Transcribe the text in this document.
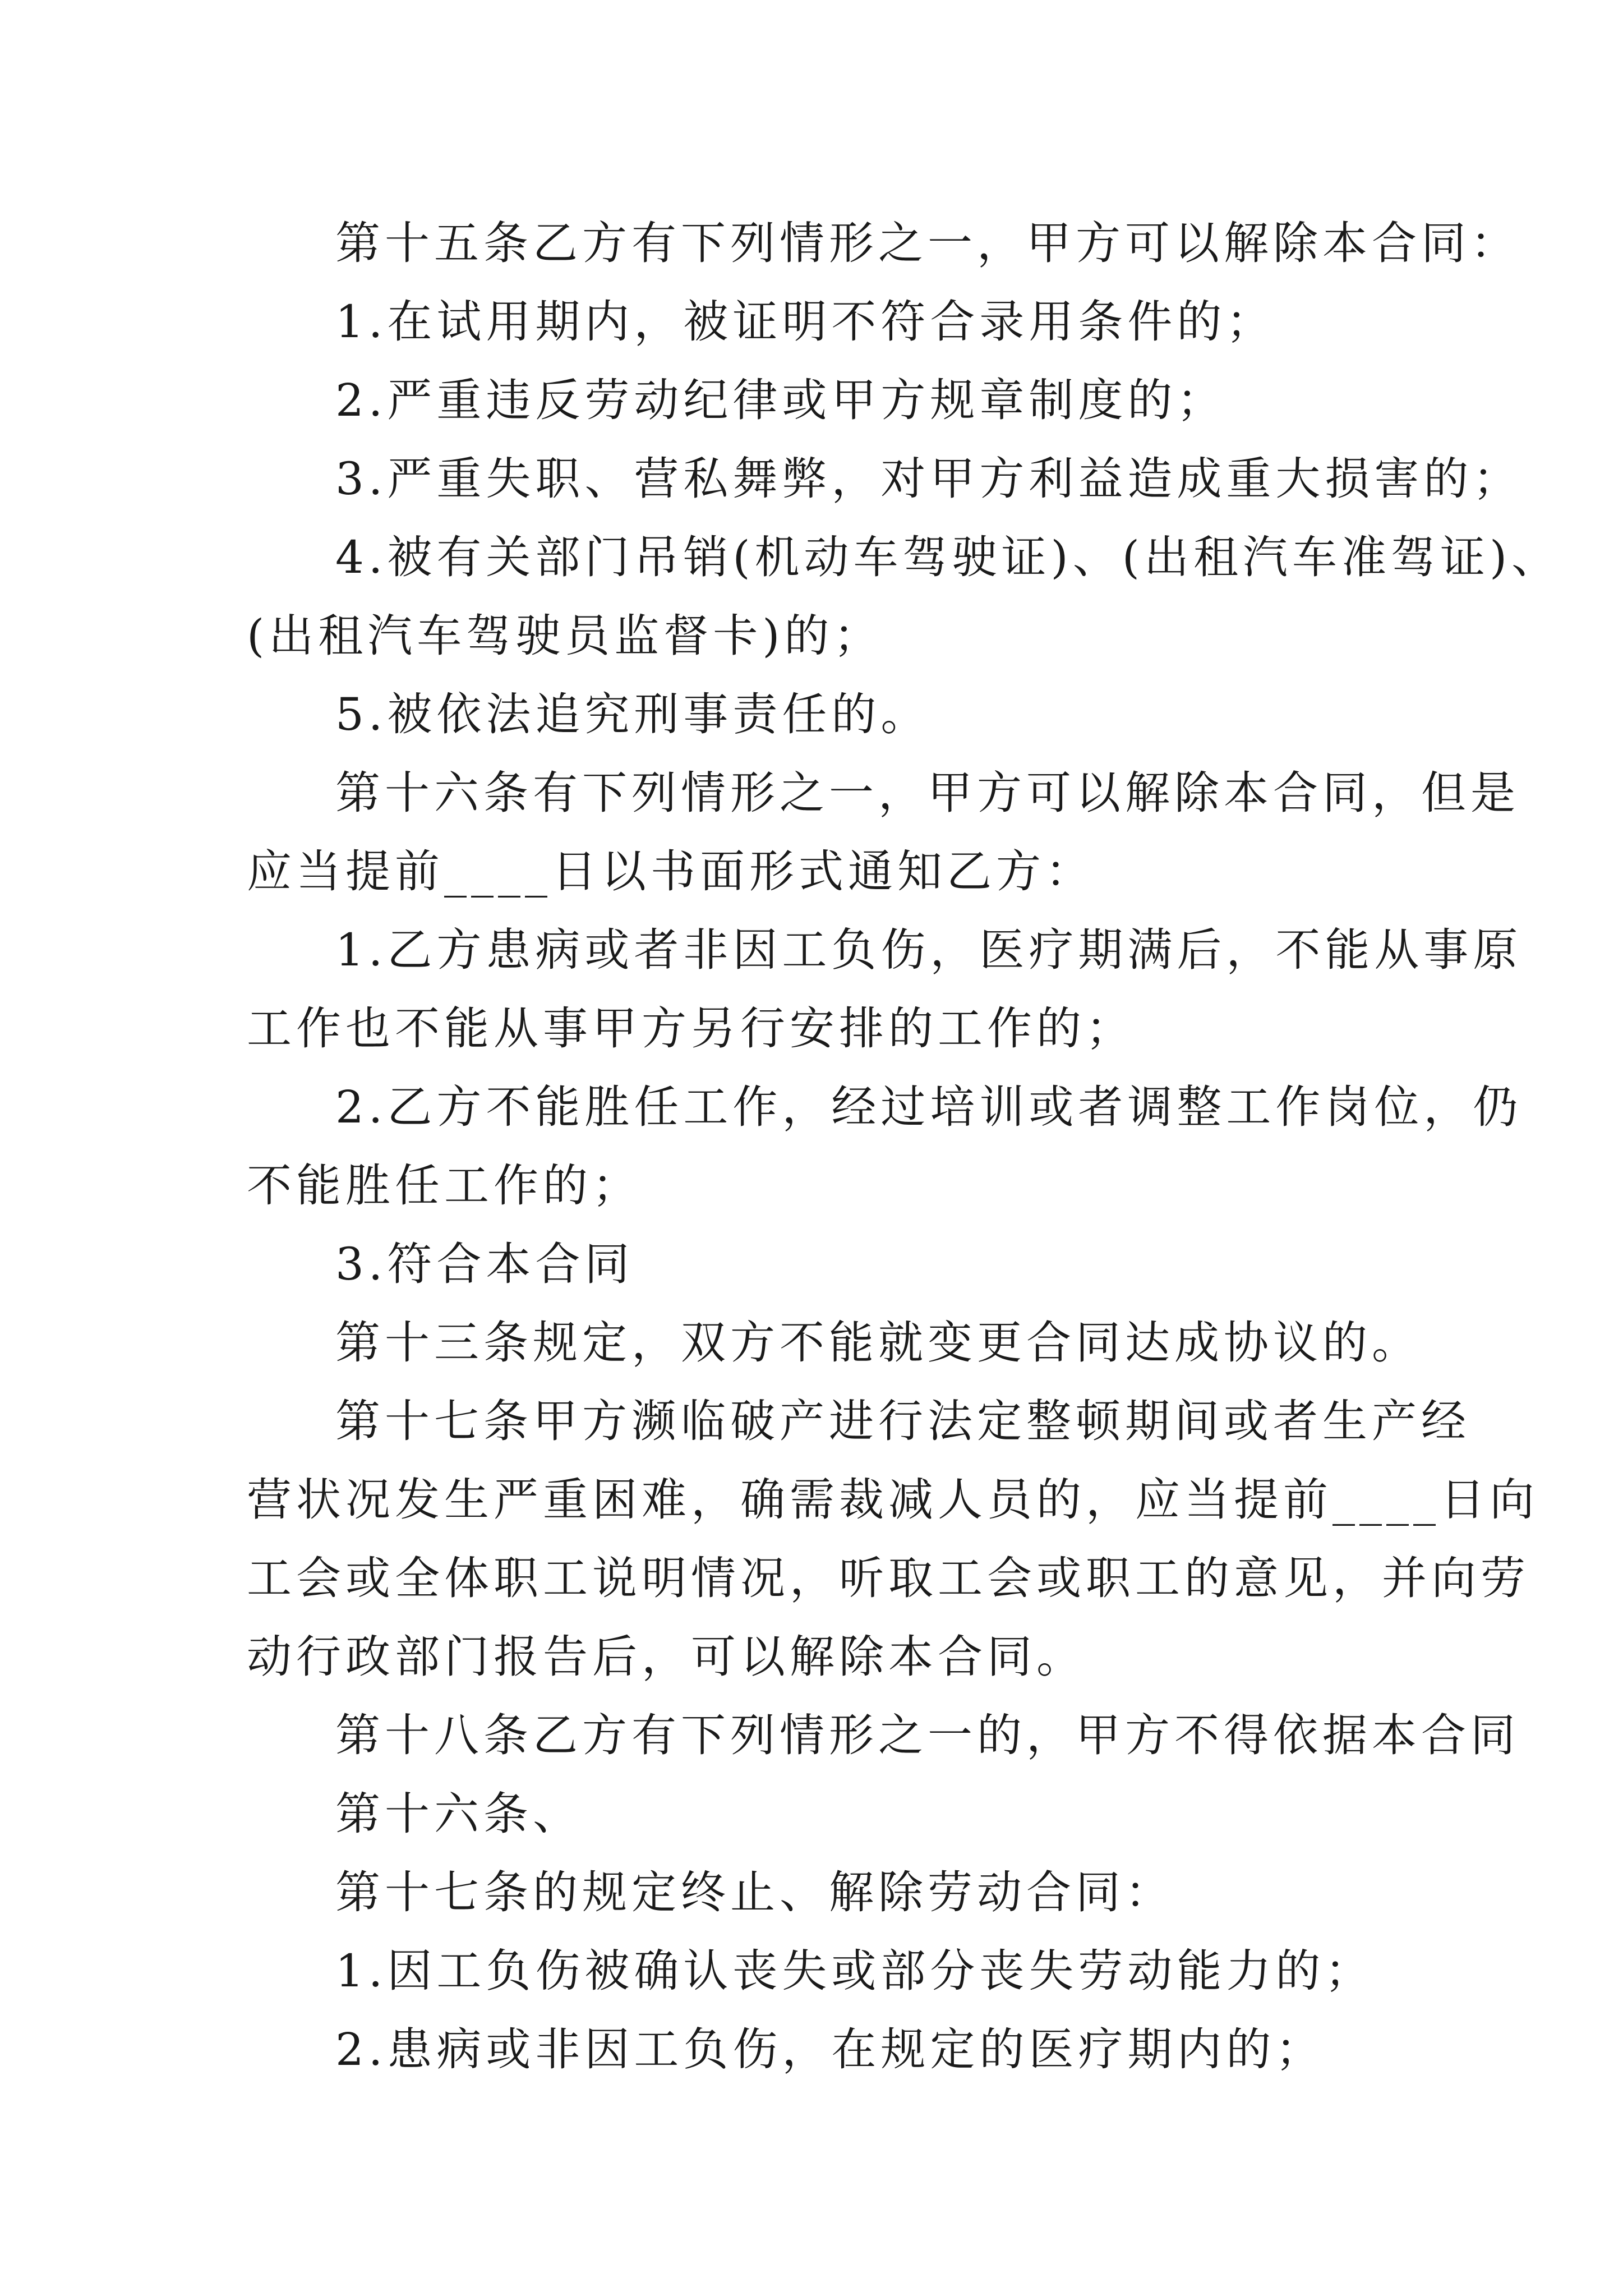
第十五条乙方有下列情形之一，甲方可以解除本合同：
1.在试用期内，被证明不符合录用条件的；
2.严重违反劳动纪律或甲方规章制度的；
3.严重失职、营私舞弊，对甲方利益造成重大损害的；
4.被有关部门吊销(机动车驾驶证)、(出租汽车准驾证)、
(出租汽车驾驶员监督卡)的；
5.被依法追究刑事责任的。
第十六条有下列情形之一，甲方可以解除本合同，但是
应当提前____日以书面形式通知乙方：
1.乙方患病或者非因工负伤，医疗期满后，不能从事原
工作也不能从事甲方另行安排的工作的；
2.乙方不能胜任工作，经过培训或者调整工作岗位，仍
不能胜任工作的；
3.符合本合同
第十三条规定，双方不能就变更合同达成协议的。
第十七条甲方濒临破产进行法定整顿期间或者生产经
营状况发生严重困难，确需裁减人员的，应当提前____日向
工会或全体职工说明情况，听取工会或职工的意见，并向劳
动行政部门报告后，可以解除本合同。
第十八条乙方有下列情形之一的，甲方不得依据本合同
第十六条、
第十七条的规定终止、解除劳动合同：
1.因工负伤被确认丧失或部分丧失劳动能力的；
2.患病或非因工负伤，在规定的医疗期内的；
